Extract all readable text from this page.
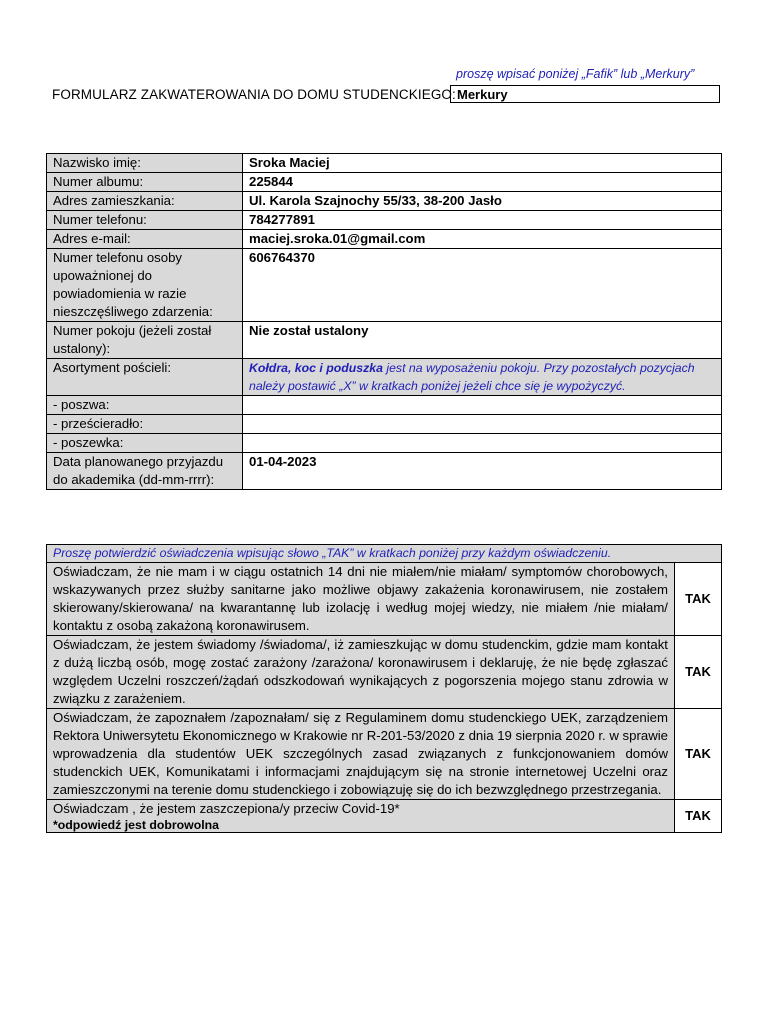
proszę wpisać poniżej „Fafik” lub „Merkury”
FORMULARZ ZAKWATEROWANIA DO DOMU STUDENCKIEGO: Merkury
Nazwisko imię:	Sroka Maciej
Numer albumu:	225844
Adres zamieszkania:	Ul. Karola Szajnochy 55/33, 38-200 Jasło
Numer telefonu:	784277891
Adres e-mail:	maciej.sroka.01@gmail.com
Numer telefonu osoby upoważnionej do powiadomienia w razie nieszczęśliwego zdarzenia:	606764370
Numer pokoju (jeżeli został ustalony):	Nie został ustalony
Asortyment pościeli:	Kołdra, koc i poduszka jest na wyposażeniu pokoju. Przy pozostałych pozycjach należy postawić „X” w kratkach poniżej jeżeli chce się je wypożyczyć.
- poszwa:	
- prześcieradło:	
- poszewka:	
Data planowanego przyjazdu do akademika (dd-mm-rrrr):	01-04-2023
Proszę potwierdzić oświadczenia wpisując słowo „TAK” w kratkach poniżej przy każdym oświadczeniu.	
Oświadczam, że nie mam i w ciągu ostatnich 14 dni nie miałem/nie miałam/ symptomów chorobowych, wskazywanych przez służby sanitarne jako możliwe objawy zakażenia koronawirusem, nie zostałem skierowany/skierowana/ na kwarantannę lub izolację i według mojej wiedzy, nie miałem /nie miałam/ kontaktu z osobą zakażoną koronawirusem.	TAK
Oświadczam, że jestem świadomy /świadoma/, iż zamieszkując w domu studenckim, gdzie mam kontakt z dużą liczbą osób, mogę zostać zarażony /zarażona/ koronawirusem i deklaruję, że nie będę zgłaszać względem Uczelni roszczeń/żądań odszkodowań wynikających z pogorszenia mojego stanu zdrowia w związku z zarażeniem.	TAK
Oświadczam, że zapoznałem /zapoznałam/ się z Regulaminem domu studenckiego UEK, zarządzeniem Rektora Uniwersytetu Ekonomicznego w Krakowie nr R-201-53/2020 z dnia 19 sierpnia 2020 r. w sprawie wprowadzenia dla studentów UEK szczególnych zasad związanych z funkcjonowaniem domów studenckich UEK, Komunikatami i informacjami znajdującym się na stronie internetowej Uczelni oraz zamieszczonymi na terenie domu studenckiego i zobowiązuję się do ich bezwzględnego przestrzegania.	TAK
Oświadczam , że jestem zaszczepiona/y przeciw Covid-19*
*odpowiedź jest dobrowolna	TAK
